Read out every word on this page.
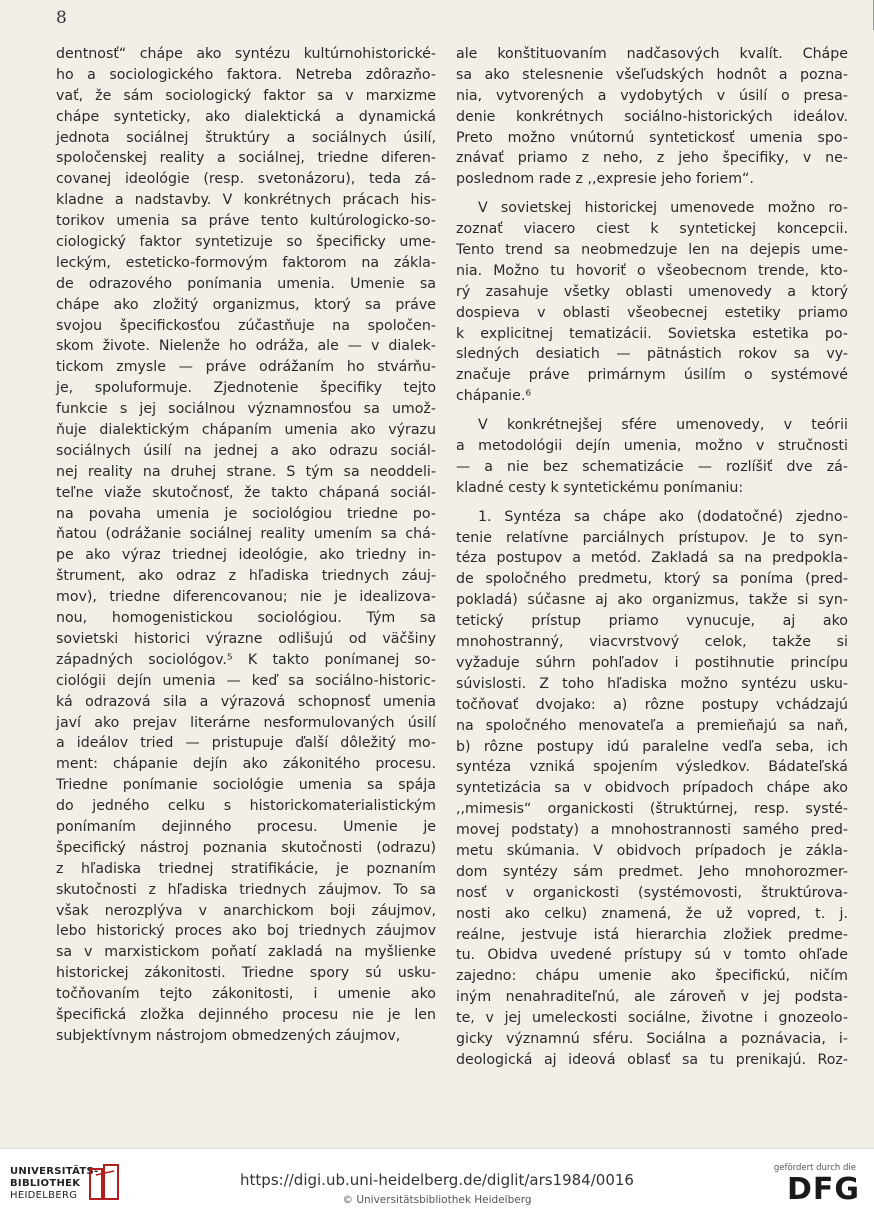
8
dentnosť“ chápe ako syntézu kultúrnohistorické-
ho a sociologického faktora. Netreba zdôrazňo-
vať, že sám sociologický faktor sa v marxizme
chápe synteticky, ako dialektická a dynamická
jednota sociálnej štruktúry a sociálnych úsilí,
spoločenskej reality a sociálnej, triedne diferen-
covanej ideológie (resp. svetonázoru), teda zá-
kladne a nadstavby. V konkrétnych prácach his-
torikov umenia sa práve tento kultúrologicko-so-
ciologický faktor syntetizuje so špecificky ume-
leckým, esteticko-formovým faktorom na zákla-
de odrazového ponímania umenia. Umenie sa
chápe ako zložitý organizmus, ktorý sa práve
svojou špecifickosťou zúčastňuje na spoločen-
skom živote. Nielenže ho odráža, ale — v dialek-
tickom zmysle — práve odrážaním ho stvárňu-
je, spoluformuje. Zjednotenie špecifiky tejto
funkcie s jej sociálnou významnosťou sa umož-
ňuje dialektickým chápaním umenia ako výrazu
sociálnych úsilí na jednej a ako odrazu sociál-
nej reality na druhej strane. S tým sa neoddeli-
teľne viaže skutočnosť, že takto chápaná sociál-
na povaha umenia je sociológiou triedne po-
ňatou (odrážanie sociálnej reality umením sa chá-
pe ako výraz triednej ideológie, ako triedny in-
štrument, ako odraz z hľadiska triednych záuj-
mov), triedne diferencovanou; nie je idealizova-
nou, homogenistickou sociológiou. Tým sa
sovietski historici výrazne odlišujú od väčšiny
západných sociológov.⁵ K takto ponímanej so-
ciológii dejín umenia — keď sa sociálno-historic-
ká odrazová sila a výrazová schopnosť umenia
javí ako prejav literárne nesformulovaných úsilí
a ideálov tried — pristupuje ďalší dôležitý mo-
ment: chápanie dejín ako zákonitého procesu.
Triedne ponímanie sociológie umenia sa spája
do jedného celku s historickomaterialistickým
ponímaním dejinného procesu. Umenie je
špecifický nástroj poznania skutočnosti (odrazu)
z hľadiska triednej stratifikácie, je poznaním
skutočnosti z hľadiska triednych záujmov. To sa
však nerozplýva v anarchickom boji záujmov,
lebo historický proces ako boj triednych záujmov
sa v marxistickom poňatí zakladá na myšlienke
historickej zákonitosti. Triedne spory sú usku-
točňovaním tejto zákonitosti, i umenie ako
špecifická zložka dejinného procesu nie je len
subjektívnym nástrojom obmedzených záujmov,
ale konštituovaním nadčasových kvalít. Chápe
sa ako stelesnenie všeľudských hodnôt a pozna-
nia, vytvorených a vydobytých v úsilí o presa-
denie konkrétnych sociálno-historických ideálov.
Preto možno vnútornú syntetickosť umenia spo-
znávať priamo z neho, z jeho špecifiky, v ne-
poslednom rade z ,,expresie jeho foriem“.
V sovietskej historickej umenovede možno ro-
zoznať viacero ciest k syntetickej koncepcii.
Tento trend sa neobmedzuje len na dejepis ume-
nia. Možno tu hovoriť o všeobecnom trende, kto-
rý zasahuje všetky oblasti umenovedy a ktorý
dospieva v oblasti všeobecnej estetiky priamo
k explicitnej tematizácii. Sovietska estetika po-
sledných desiatich — pätnástich rokov sa vy-
značuje práve primárnym úsilím o systémové
chápanie.⁶
V konkrétnejšej sfére umenovedy, v teórii
a metodológii dejín umenia, možno v stručnosti
— a nie bez schematizácie — rozlíšiť dve zá-
kladné cesty k syntetickému ponímaniu:
1. Syntéza sa chápe ako (dodatočné) zjedno-
tenie relatívne parciálnych prístupov. Je to syn-
téza postupov a metód. Zakladá sa na predpokla-
de spoločného predmetu, ktorý sa poníma (pred-
pokladá) súčasne aj ako organizmus, takže si syn-
tetický prístup priamo vynucuje, aj ako
mnohostranný, viacvrstvový celok, takže si
vyžaduje súhrn pohľadov i postihnutie princípu
súvislosti. Z toho hľadiska možno syntézu usku-
točňovať dvojako: a) rôzne postupy vchádzajú
na spoločného menovateľa a premieňajú sa naň,
b) rôzne postupy idú paralelne vedľa seba, ich
syntéza vzniká spojením výsledkov. Bádateľská
syntetizácia sa v obidvoch prípadoch chápe ako
,,mimesis“ organickosti (štruktúrnej, resp. systé-
movej podstaty) a mnohostrannosti samého pred-
metu skúmania. V obidvoch prípadoch je zákla-
dom syntézy sám predmet. Jeho mnohorozmer-
nosť v organickosti (systémovosti, štruktúrova-
nosti ako celku) znamená, že už vopred, t. j.
reálne, jestvuje istá hierarchia zložiek predme-
tu. Obidva uvedené prístupy sú v tomto ohľade
zajedno: chápu umenie ako špecifickú, ničím
iným nenahraditeľnú, ale zároveň v jej podsta-
te, v jej umeleckosti sociálne, životne i gnozeolo-
gicky významnú sféru. Sociálna a poznávacia, i-
deologická aj ideová oblasť sa tu prenikajú. Roz-
UNIVERSITÄTS-
BIBLIOTHEK
HEIDELBERG
https://digi.ub.uni-heidelberg.de/diglit/ars1984/0016
© Universitätsbibliothek Heidelberg
gefördert durch die
DFG
